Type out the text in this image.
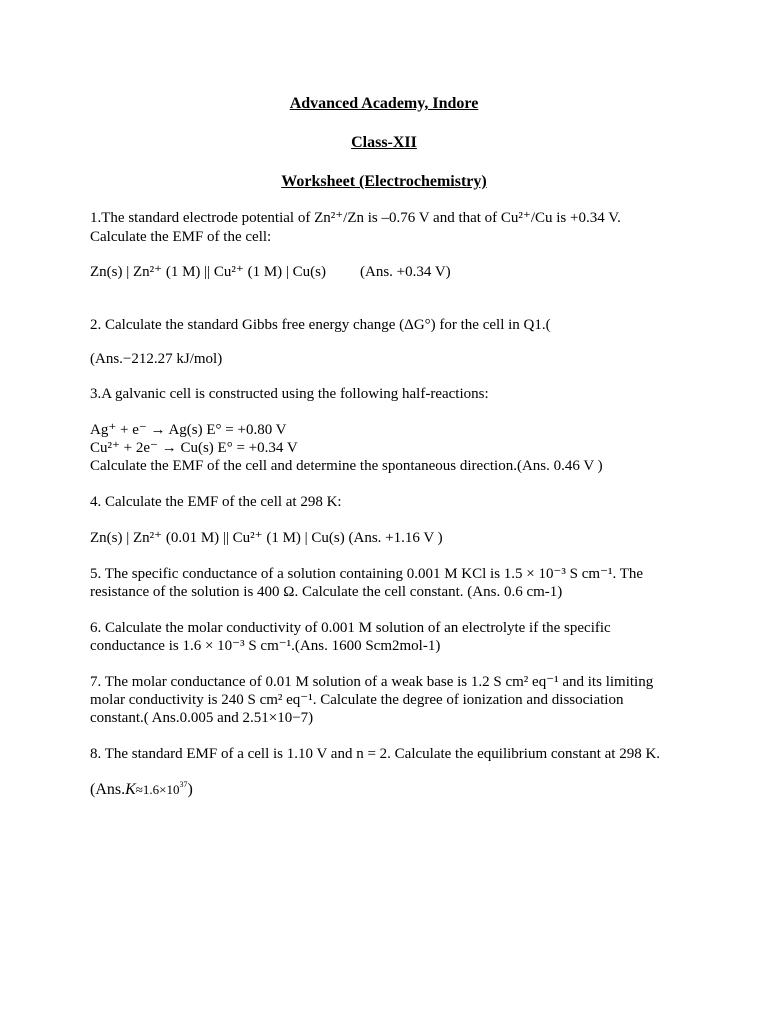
Advanced Academy, Indore
Class-XII
Worksheet (Electrochemistry)
1.The standard electrode potential of Zn²⁺/Zn is –0.76 V and that of Cu²⁺/Cu is +0.34 V.
Calculate the EMF of the cell:
Zn(s) | Zn²⁺ (1 M) || Cu²⁺ (1 M) | Cu(s) (Ans. +0.34 V)
2. Calculate the standard Gibbs free energy change (ΔG°) for the cell in Q1.(
(Ans.−212.27 kJ/mol)
3.A galvanic cell is constructed using the following half-reactions:
Ag⁺ + e⁻ → Ag(s) E° = +0.80 V
Cu²⁺ + 2e⁻ → Cu(s) E° = +0.34 V
Calculate the EMF of the cell and determine the spontaneous direction.(Ans. 0.46 V )
4. Calculate the EMF of the cell at 298 K:
Zn(s) | Zn²⁺ (0.01 M) || Cu²⁺ (1 M) | Cu(s) (Ans. +1.16 V )
5. The specific conductance of a solution containing 0.001 M KCl is 1.5 × 10⁻³ S cm⁻¹. The
resistance of the solution is 400 Ω. Calculate the cell constant. (Ans. 0.6 cm-1)
6. Calculate the molar conductivity of 0.001 M solution of an electrolyte if the specific
conductance is 1.6 × 10⁻³ S cm⁻¹.(Ans. 1600 Scm2mol-1)
7. The molar conductance of 0.01 M solution of a weak base is 1.2 S cm² eq⁻¹ and its limiting
molar conductivity is 240 S cm² eq⁻¹. Calculate the degree of ionization and dissociation
constant.( Ans.0.005 and 2.51×10−7)
8. The standard EMF of a cell is 1.10 V and n = 2. Calculate the equilibrium constant at 298 K.
$(Ans.K\approx 1.6\times 10^{37})$
